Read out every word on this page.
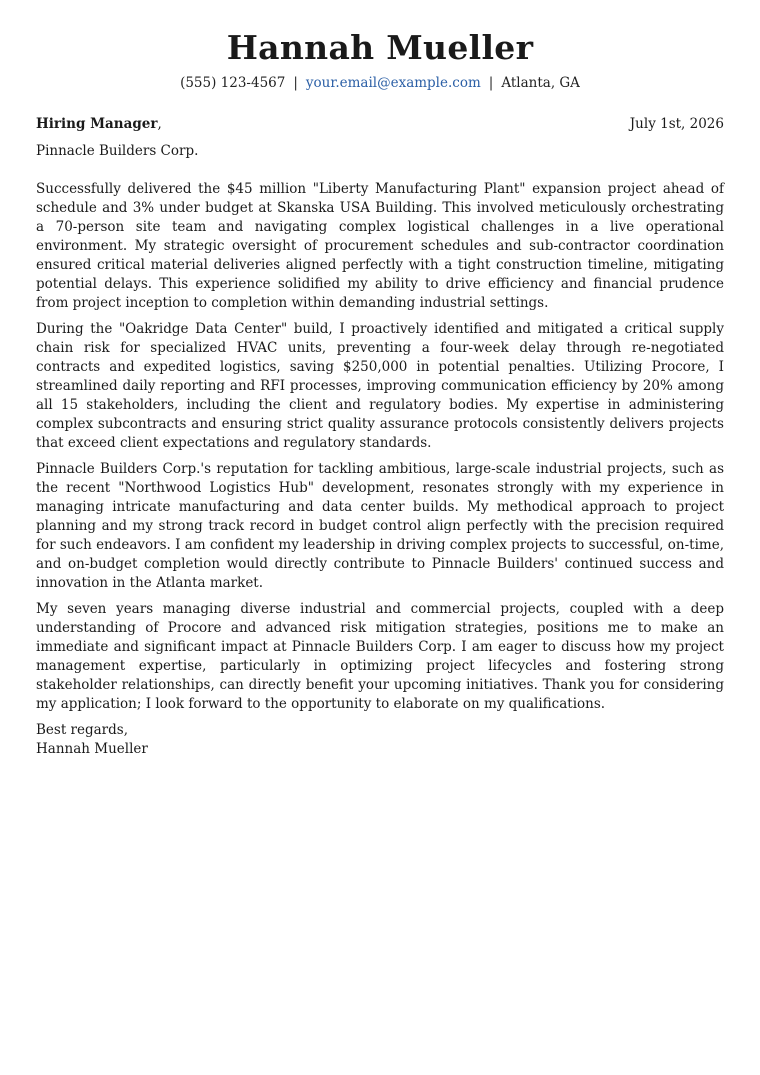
Hannah Mueller
(555) 123-4567 | your.email@example.com | Atlanta, GA
Hiring Manager,	July 1st, 2026
Pinnacle Builders Corp.

Successfully delivered the $45 million "Liberty Manufacturing Plant" expansion project ahead of schedule and 3% under budget at Skanska USA Building. This involved meticulously orchestrating a 70-person site team and navigating complex logistical challenges in a live operational environment. My strategic oversight of procurement schedules and sub-contractor coordination ensured critical material deliveries aligned perfectly with a tight construction timeline, mitigating potential delays. This experience solidified my ability to drive efficiency and financial prudence from project inception to completion within demanding industrial settings.

During the "Oakridge Data Center" build, I proactively identified and mitigated a critical supply chain risk for specialized HVAC units, preventing a four-week delay through re-negotiated contracts and expedited logistics, saving $250,000 in potential penalties. Utilizing Procore, I streamlined daily reporting and RFI processes, improving communication efficiency by 20% among all 15 stakeholders, including the client and regulatory bodies. My expertise in administering complex subcontracts and ensuring strict quality assurance protocols consistently delivers projects that exceed client expectations and regulatory standards.

Pinnacle Builders Corp.'s reputation for tackling ambitious, large-scale industrial projects, such as the recent "Northwood Logistics Hub" development, resonates strongly with my experience in managing intricate manufacturing and data center builds. My methodical approach to project planning and my strong track record in budget control align perfectly with the precision required for such endeavors. I am confident my leadership in driving complex projects to successful, on-time, and on-budget completion would directly contribute to Pinnacle Builders' continued success and innovation in the Atlanta market.

My seven years managing diverse industrial and commercial projects, coupled with a deep understanding of Procore and advanced risk mitigation strategies, positions me to make an immediate and significant impact at Pinnacle Builders Corp. I am eager to discuss how my project management expertise, particularly in optimizing project lifecycles and fostering strong stakeholder relationships, can directly benefit your upcoming initiatives. Thank you for considering my application; I look forward to the opportunity to elaborate on my qualifications.

Best regards,
Hannah Mueller
